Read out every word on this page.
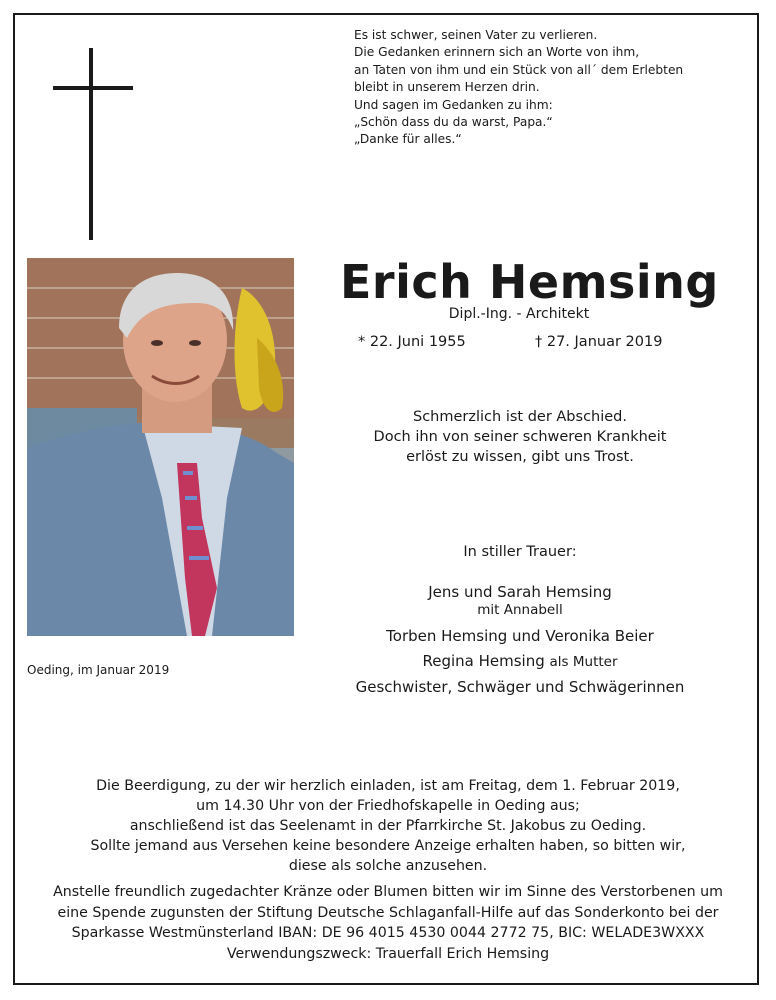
Es ist schwer, seinen Vater zu verlieren.
Die Gedanken erinnern sich an Worte von ihm,
an Taten von ihm und ein Stück von all´ dem Erlebten
bleibt in unserem Herzen drin.
Und sagen im Gedanken zu ihm:
„Schön dass du da warst, Papa.“
„Danke für alles.“
Oeding, im Januar 2019
Erich Hemsing
Dipl.-Ing. - Architekt
* 22. Juni 1955	† 27. Januar 2019
Schmerzlich ist der Abschied.
Doch ihn von seiner schweren Krankheit
erlöst zu wissen, gibt uns Trost.
In stiller Trauer:
Jens und Sarah Hemsing
mit Annabell
Torben Hemsing und Veronika Beier
Regina Hemsing als Mutter
Geschwister, Schwäger und Schwägerinnen
Die Beerdigung, zu der wir herzlich einladen, ist am Freitag, dem 1. Februar 2019,
um 14.30 Uhr von der Friedhofskapelle in Oeding aus;
anschließend ist das Seelenamt in der Pfarrkirche St. Jakobus zu Oeding.
Sollte jemand aus Versehen keine besondere Anzeige erhalten haben, so bitten wir,
diese als solche anzusehen.
Anstelle freundlich zugedachter Kränze oder Blumen bitten wir im Sinne des Verstorbenen um
eine Spende zugunsten der Stiftung Deutsche Schlaganfall-Hilfe auf das Sonderkonto bei der
Sparkasse Westmünsterland IBAN: DE 96 4015 4530 0044 2772 75, BIC: WELADE3WXXX
Verwendungszweck: Trauerfall Erich Hemsing
